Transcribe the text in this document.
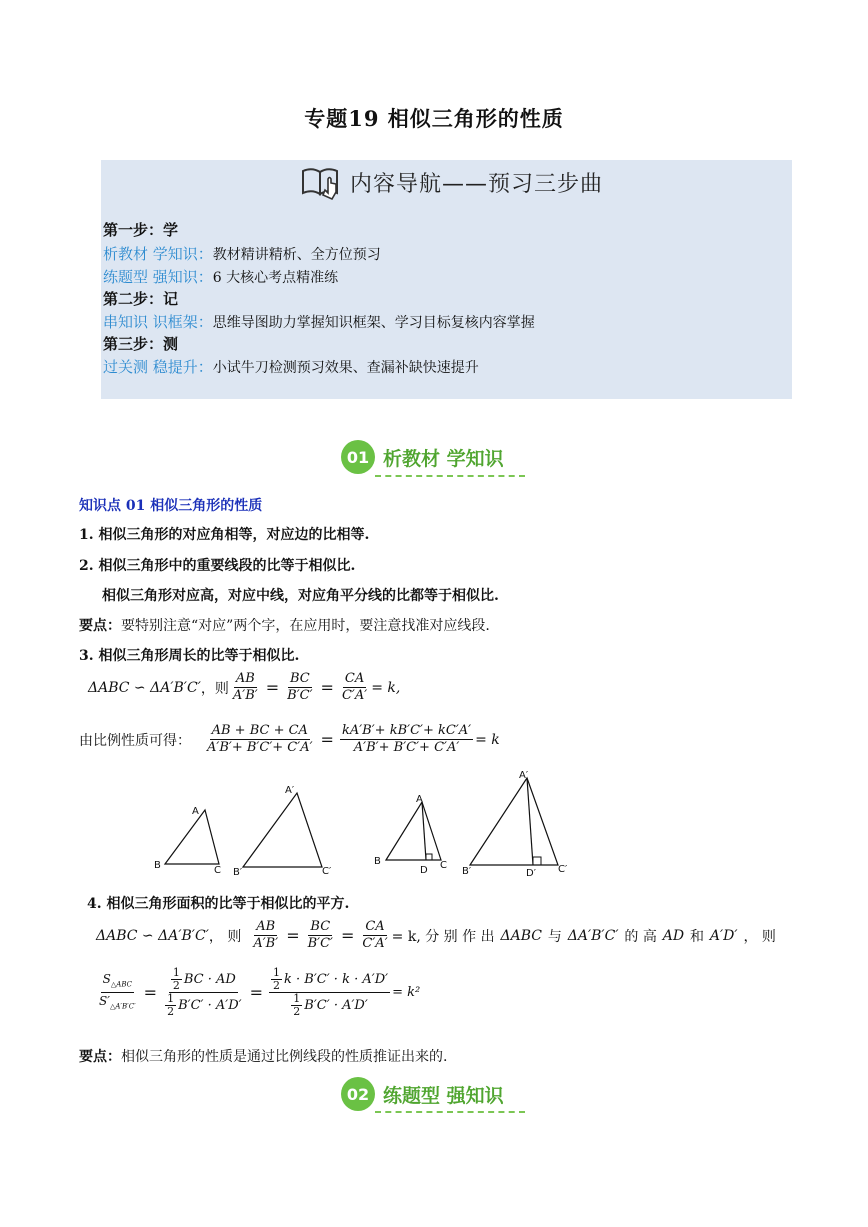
专题19 相似三角形的性质
内容导航——预习三步曲
第一步：学
析教材 学知识：教材精讲精析、全方位预习
练题型 强知识：6 大核心考点精准练
第二步：记
串知识 识框架：思维导图助力掌握知识框架、学习目标复核内容掌握
第三步：测
过关测 稳提升：小试牛刀检测预习效果、查漏补缺快速提升
01 析教材 学知识
知识点 01 相似三角形的性质
1. 相似三角形的对应角相等，对应边的比相等.
2. 相似三角形中的重要线段的比等于相似比.
相似三角形对应高，对应中线，对应角平分线的比都等于相似比.
要点：要特别注意“对应”两个字，在应用时，要注意找准对应线段.
3. 相似三角形周长的比等于相似比.
ΔABC ∽ ΔA′B′C′ ，则 $\frac{AB}{A'B'} = \frac{BC}{B'C'} = \frac{CA}{C'A'} = k$,
由比例性质可得： $\frac{AB + BC + CA}{A'B'+ B'C'+ C'A'} = \frac{kA'B'+ kB'C'+ kC'A'}{A'B'+ B'C'+ C'A'} = k$
A
B	C
A′
B′	C′
A
B	C
D
A′
B′	C′
D′
4. 相似三角形面积的比等于相似比的平方.
ΔABC ∽ ΔA′B′C′ ， 则 $\frac{AB}{A'B'} = \frac{BC}{B'C'} = \frac{CA}{C'A'} = k$, 分 别 作 出 ΔABC 与 ΔA′B′C′ 的 高 AD 和 A′D′ ， 则
$\frac{S_{\triangle ABC}}{S'_{\triangle A'B'C'}} = \frac{\frac{1}{2} BC \cdot AD}{\frac{1}{2} B'C' \cdot A'D'} = \frac{\frac{1}{2} k \cdot B'C' \cdot k \cdot A'D'}{\frac{1}{2} B'C' \cdot A'D'} = k^2$
要点：相似三角形的性质是通过比例线段的性质推证出来的.
02 练题型 强知识
